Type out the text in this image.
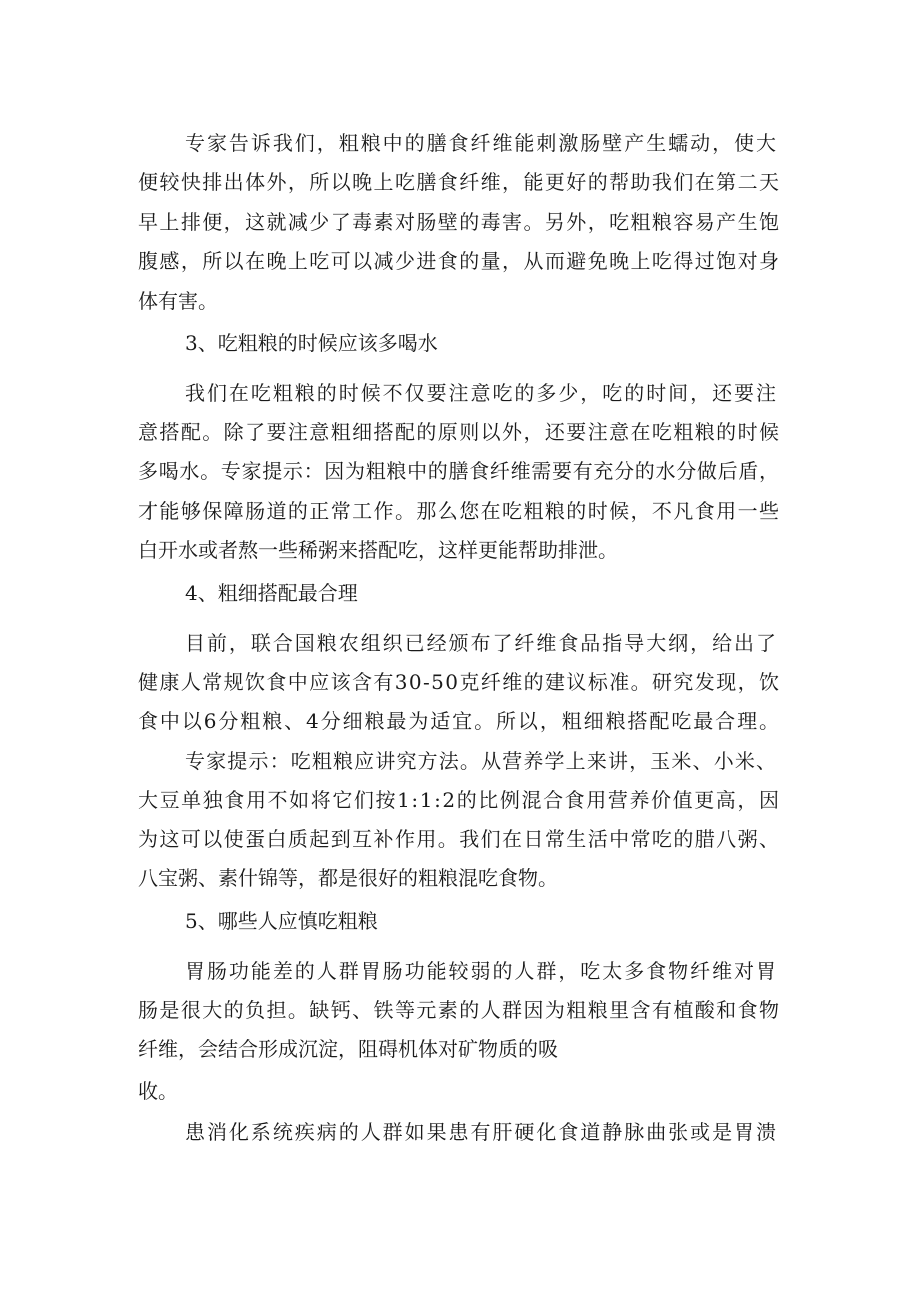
专家告诉我们，粗粮中的膳食纤维能刺激肠壁产生蠕动，使大
便较快排出体外，所以晚上吃膳食纤维，能更好的帮助我们在第二天
早上排便，这就减少了毒素对肠壁的毒害。另外，吃粗粮容易产生饱
腹感，所以在晚上吃可以减少进食的量，从而避免晚上吃得过饱对身
体有害。
3、吃粗粮的时候应该多喝水
我们在吃粗粮的时候不仅要注意吃的多少，吃的时间，还要注
意搭配。除了要注意粗细搭配的原则以外，还要注意在吃粗粮的时候
多喝水。专家提示：因为粗粮中的膳食纤维需要有充分的水分做后盾，
才能够保障肠道的正常工作。那么您在吃粗粮的时候，不凡食用一些
白开水或者熬一些稀粥来搭配吃，这样更能帮助排泄。
4、粗细搭配最合理
目前，联合国粮农组织已经颁布了纤维食品指导大纲，给出了
健康人常规饮食中应该含有30-50克纤维的建议标准。研究发现，饮
食中以6分粗粮、4分细粮最为适宜。所以，粗细粮搭配吃最合理。
专家提示：吃粗粮应讲究方法。从营养学上来讲，玉米、小米、
大豆单独食用不如将它们按1:1:2的比例混合食用营养价值更高，因
为这可以使蛋白质起到互补作用。我们在日常生活中常吃的腊八粥、
八宝粥、素什锦等，都是很好的粗粮混吃食物。
5、哪些人应慎吃粗粮
胃肠功能差的人群胃肠功能较弱的人群，吃太多食物纤维对胃
肠是很大的负担。缺钙、铁等元素的人群因为粗粮里含有植酸和食物
纤维，会结合形成沉淀，阻碍机体对矿物质的吸
收。
患消化系统疾病的人群如果患有肝硬化食道静脉曲张或是胃溃
